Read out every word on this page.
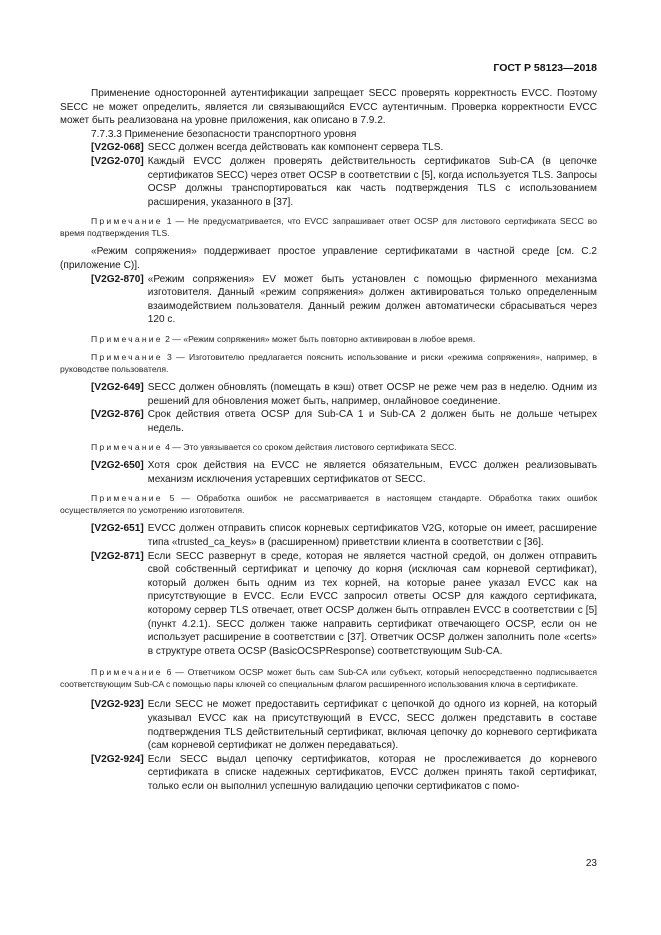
ГОСТ Р 58123—2018

Применение односторонней аутентификации запрещает SECC проверять корректность EVCC. Поэтому SECC не может определить, является ли связывающийся EVCC аутентичным. Проверка корректности EVCC может быть реализована на уровне приложения, как описано в 7.9.2.

7.7.3.3 Применение безопасности транспортного уровня

[V2G2-068] SECC должен всегда действовать как компонент сервера TLS.
[V2G2-070] Каждый EVCC должен проверять действительность сертификатов Sub-CA (в цепочке сертификатов SECC) через ответ OCSP в соответствии с [5], когда используется TLS. Запросы OCSP должны транспортироваться как часть подтверждения TLS с использованием расширения, указанного в [37].

Примечание 1 — Не предусматривается, что EVCC запрашивает ответ OCSP для листового сертификата SECC во время подтверждения TLS.

«Режим сопряжения» поддерживает простое управление сертификатами в частной среде [см. C.2 (приложение C)].

[V2G2-870] «Режим сопряжения» EV может быть установлен с помощью фирменного механизма изготовителя. Данный «режим сопряжения» должен активироваться только определенным взаимодействием пользователя. Данный режим должен автоматически сбрасываться через 120 с.

Примечание 2 — «Режим сопряжения» может быть повторно активирован в любое время.

Примечание 3 — Изготовителю предлагается пояснить использование и риски «режима сопряжения», например, в руководстве пользователя.

[V2G2-649] SECC должен обновлять (помещать в кэш) ответ OCSP не реже чем раз в неделю. Одним из решений для обновления может быть, например, онлайновое соединение.
[V2G2-876] Срок действия ответа OCSP для Sub-CA 1 и Sub-CA 2 должен быть не дольше четырех недель.

Примечание 4 — Это увязывается со сроком действия листового сертификата SECC.

[V2G2-650] Хотя срок действия на EVCC не является обязательным, EVCC должен реализовывать механизм исключения устаревших сертификатов от SECC.

Примечание 5 — Обработка ошибок не рассматривается в настоящем стандарте. Обработка таких ошибок осуществляется по усмотрению изготовителя.

[V2G2-651] EVCC должен отправить список корневых сертификатов V2G, которые он имеет, расширение типа «trusted_ca_keys» в (расширенном) приветствии клиента в соответствии с [36].
[V2G2-871] Если SECC развернут в среде, которая не является частной средой, он должен отправить свой собственный сертификат и цепочку до корня (исключая сам корневой сертификат), который должен быть одним из тех корней, на которые ранее указал EVCC как на присутствующие в EVCC. Если EVCC запросил ответы OCSP для каждого сертификата, которому сервер TLS отвечает, ответ OCSP должен быть отправлен EVCC в соответствии с [5] (пункт 4.2.1). SECC должен также направить сертификат отвечающего OCSP, если он не использует расширение в соответствии с [37]. Ответчик OCSP должен заполнить поле «certs» в структуре ответа OCSP (BasicOCSPResponse) соответствующим Sub-CA.

Примечание 6 — Ответчиком OCSP может быть сам Sub-CA или субъект, который непосредственно подписывается соответствующим Sub-CA с помощью пары ключей со специальным флагом расширенного использования ключа в сертификате.

[V2G2-923] Если SECC не может предоставить сертификат с цепочкой до одного из корней, на который указывал EVCC как на присутствующий в EVCC, SECC должен представить в составе подтверждения TLS действительный сертификат, включая цепочку до корневого сертификата (сам корневой сертификат не должен передаваться).
[V2G2-924] Если SECC выдал цепочку сертификатов, которая не прослеживается до корневого сертификата в списке надежных сертификатов, EVCC должен принять такой сертификат, только если он выполнил успешную валидацию цепочки сертификатов с помо-
23
